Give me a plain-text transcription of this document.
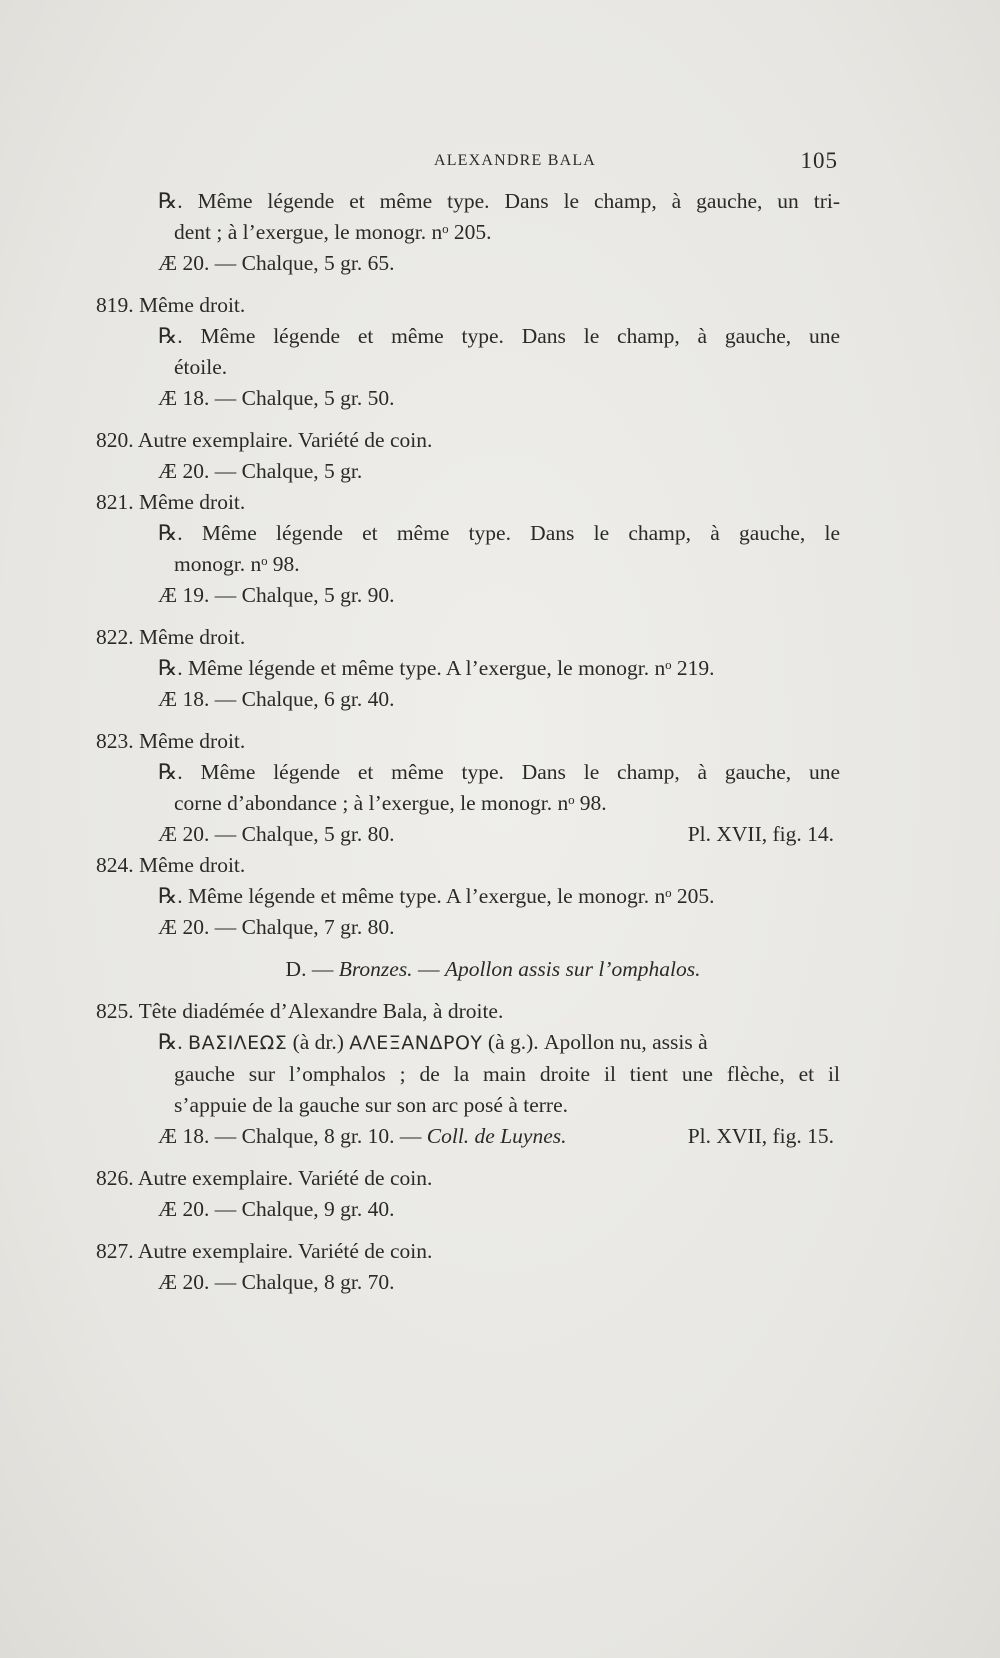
ALEXANDRE BALA	105
℞. Même légende et même type. Dans le champ, à gauche, un tri-
dent ; à l’exergue, le monogr. nᵒ 205.
Æ 20. — Chalque, 5 gr. 65.
819. Même droit.
℞. Même légende et même type. Dans le champ, à gauche, une
étoile.
Æ 18. — Chalque, 5 gr. 50.
820. Autre exemplaire. Variété de coin.
Æ 20. — Chalque, 5 gr.
821. Même droit.
℞. Même légende et même type. Dans le champ, à gauche, le
monogr. nᵒ 98.
Æ 19. — Chalque, 5 gr. 90.
822. Même droit.
℞. Même légende et même type. A l’exergue, le monogr. nᵒ 219.
Æ 18. — Chalque, 6 gr. 40.
823. Même droit.
℞. Même légende et même type. Dans le champ, à gauche, une
corne d’abondance ; à l’exergue, le monogr. nᵒ 98.
Æ 20. — Chalque, 5 gr. 80.	Pl. XVII, fig. 14.
824. Même droit.
℞. Même légende et même type. A l’exergue, le monogr. nᵒ 205.
Æ 20. — Chalque, 7 gr. 80.
D. — Bronzes. — Apollon assis sur l’omphalos.
825. Tête diadémée d’Alexandre Bala, à droite.
℞. ΒΑΣΙΛΕΩΣ (à dr.) ΑΛΕΞΑΝΔΡΟΥ (à g.). Apollon nu, assis à
gauche sur l’omphalos ; de la main droite il tient une flèche, et il
s’appuie de la gauche sur son arc posé à terre.
Æ 18. — Chalque, 8 gr. 10. — Coll. de Luynes.	Pl. XVII, fig. 15.
826. Autre exemplaire. Variété de coin.
Æ 20. — Chalque, 9 gr. 40.
827. Autre exemplaire. Variété de coin.
Æ 20. — Chalque, 8 gr. 70.
